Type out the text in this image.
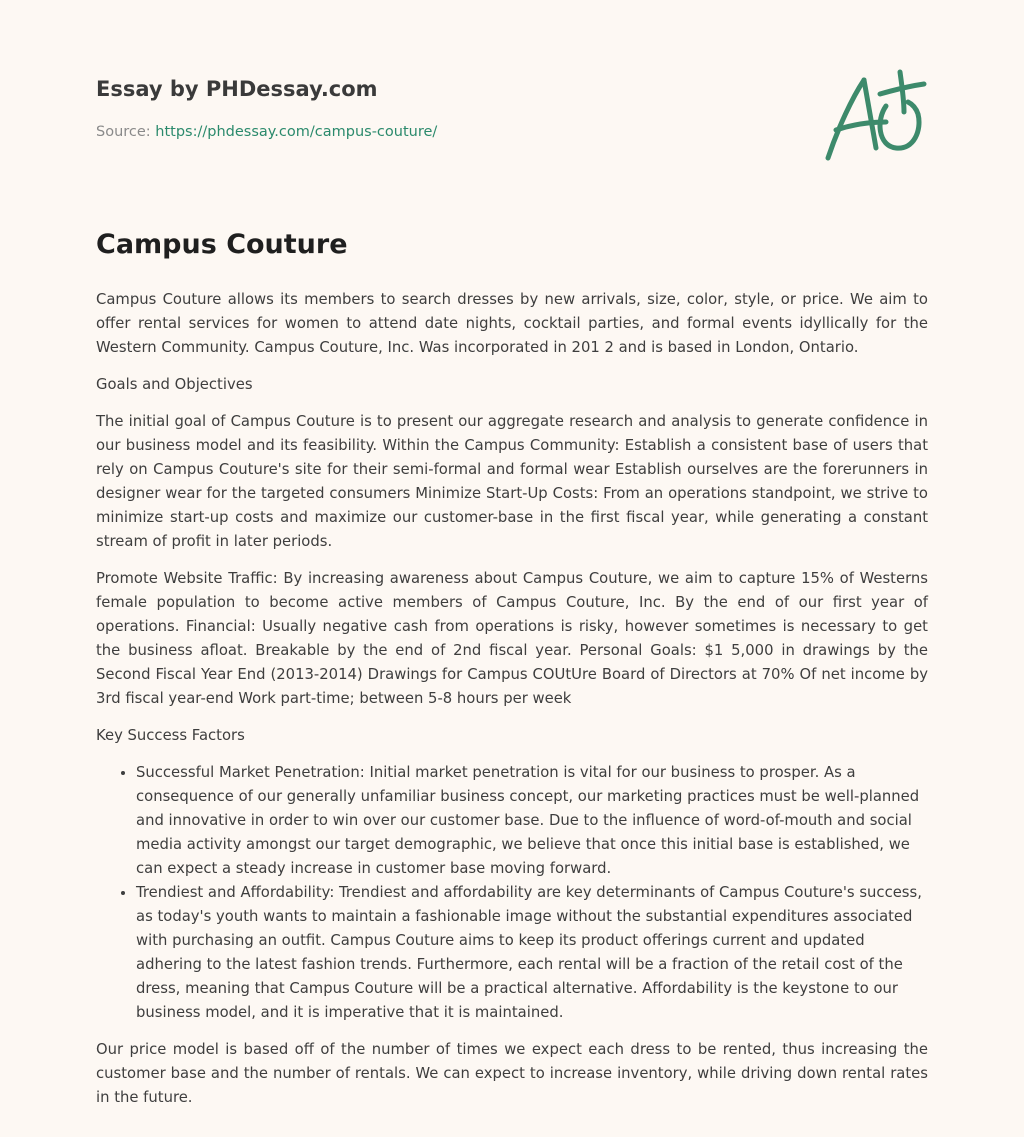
Essay by PHDessay.com
Source: https://phdessay.com/campus-couture/
Campus Couture

Campus Couture allows its members to search dresses by new arrivals, size, color, style, or price. We aim to offer rental services for women to attend date nights, cocktail parties, and formal events idyllically for the Western Community. Campus Couture, Inc. Was incorporated in 201 2 and is based in London, Ontario.

Goals and Objectives

The initial goal of Campus Couture is to present our aggregate research and analysis to generate confidence in our business model and its feasibility. Within the Campus Community: Establish a consistent base of users that rely on Campus Couture's site for their semi-formal and formal wear Establish ourselves are the forerunners in designer wear for the targeted consumers Minimize Start-Up Costs: From an operations standpoint, we strive to minimize start-up costs and maximize our customer-base in the first fiscal year, while generating a constant stream of profit in later periods.

Promote Website Traffic: By increasing awareness about Campus Couture, we aim to capture 15% of Westerns female population to become active members of Campus Couture, Inc. By the end of our first year of operations. Financial: Usually negative cash from operations is risky, however sometimes is necessary to get the business afloat. Breakable by the end of 2nd fiscal year. Personal Goals: $1 5,000 in drawings by the Second Fiscal Year End (2013-2014) Drawings for Campus COUtUre Board of Directors at 70% Of net income by 3rd fiscal year-end Work part-time; between 5-8 hours per week

Key Success Factors

• Successful Market Penetration: Initial market penetration is vital for our business to prosper. As a consequence of our generally unfamiliar business concept, our marketing practices must be well-planned and innovative in order to win over our customer base. Due to the influence of word-of-mouth and social media activity amongst our target demographic, we believe that once this initial base is established, we can expect a steady increase in customer base moving forward.
• Trendiest and Affordability: Trendiest and affordability are key determinants of Campus Couture's success, as today's youth wants to maintain a fashionable image without the substantial expenditures associated with purchasing an outfit. Campus Couture aims to keep its product offerings current and updated adhering to the latest fashion trends. Furthermore, each rental will be a fraction of the retail cost of the dress, meaning that Campus Couture will be a practical alternative. Affordability is the keystone to our business model, and it is imperative that it is maintained.

Our price model is based off of the number of times we expect each dress to be rented, thus increasing the customer base and the number of rentals. We can expect to increase inventory, while driving down rental rates in the future.
